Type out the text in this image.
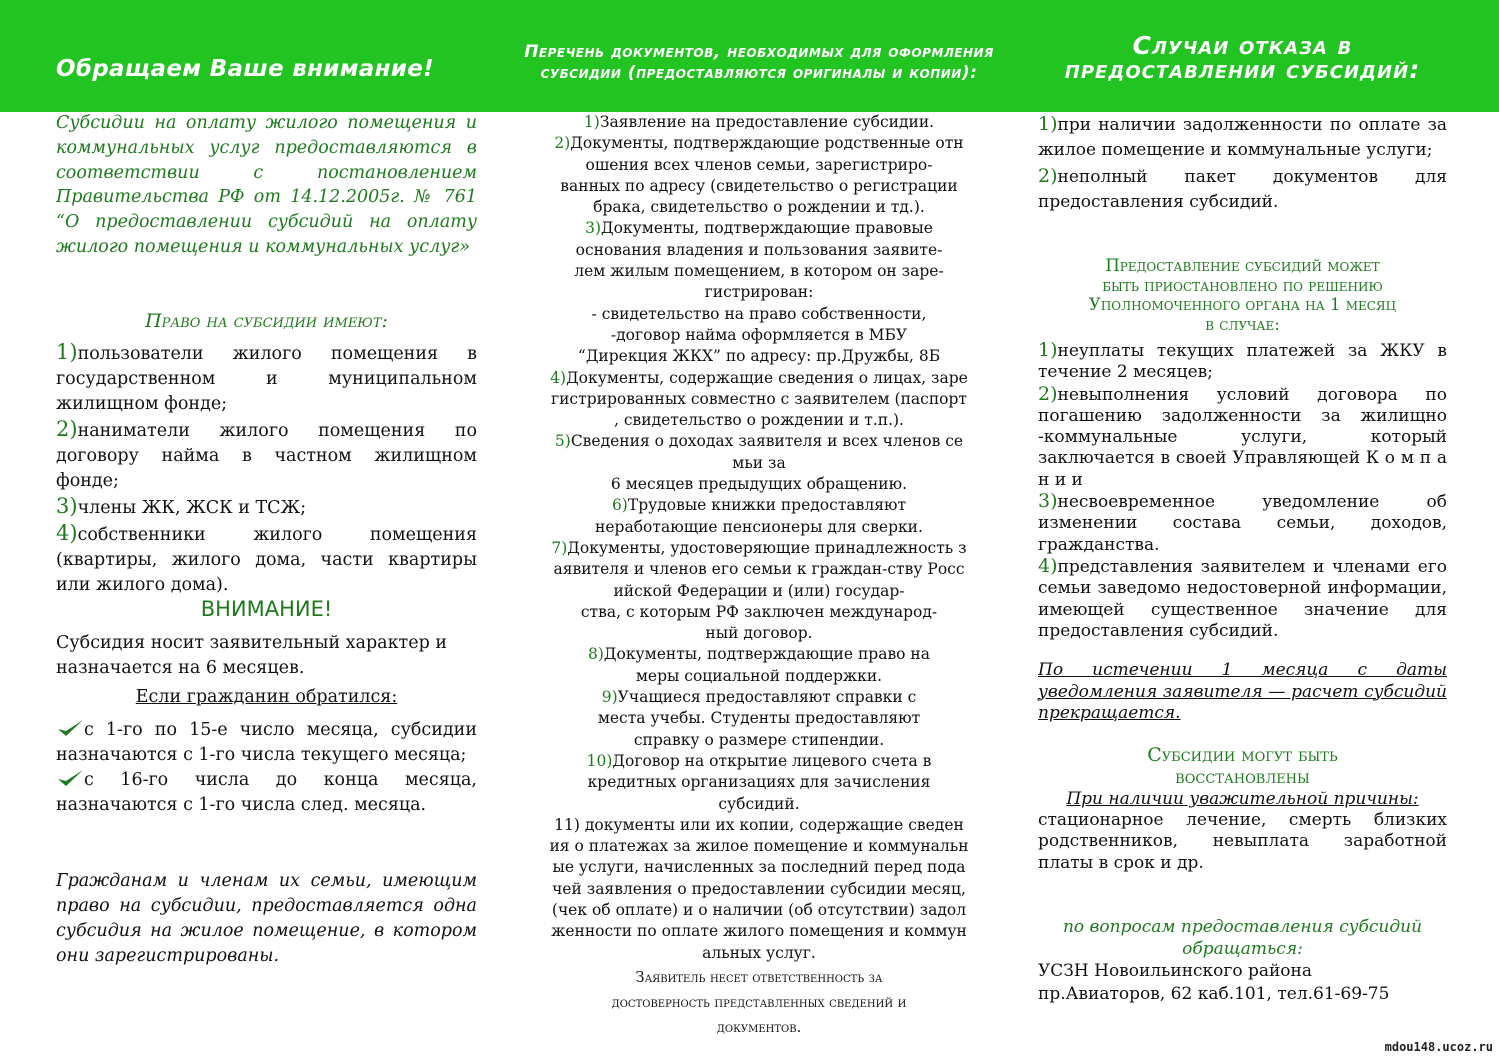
Обращаем Ваше внимание!
Перечень документов, необходимых для оформления субсидии (предоставляются оригиналы и копии):
Случаи отказа в предоставлении субсидий:
Субсидии на оплату жилого помещения и коммунальных услуг предоставляются в соответствии с постановлением Правительства РФ от 14.12.2005г. № 761 “О предоставлении субсидий на оплату жилого помещения и коммунальных услуг»
Право на субсидии имеют:

1)пользователи жилого помещения в государственном и муниципальном жилищном фонде;

2)наниматели жилого помещения по договору найма в частном жилищном фонде;

3)члены ЖК, ЖСК и ТСЖ;

4)собственники жилого помещения (квартиры, жилого дома, части квартиры или жилого дома).

ВНИМАНИЕ!
Субсидия носит заявительный характер и назначается на 6 месяцев.
Если гражданин обратился:

с 1-го по 15-е число месяца, субсидии назначаются с 1-го числа текущего месяца;

с 16-го числа до конца месяца, назначаются с 1-го числа след. месяца.

Гражданам и членам их семьи, имеющим право на субсидии, предоставляется одна субсидия на жилое помещение, в котором они зарегистрированы.

1)Заявление на предоставление субсидии.

2)Документы, подтверждающие родственные отн

ошения всех членов семьи, зарегистриро-

ванных по адресу (свидетельство о регистрации

брака, свидетельство о рождении и тд.).

3)Документы, подтверждающие правовые

основания владения и пользования заявите-

лем жилым помещением, в котором он заре-

гистрирован:

- свидетельство на право собственности,

-договор найма оформляется в МБУ

“Дирекция ЖКХ” по адресу: пр.Дружбы, 8Б

4)Документы, содержащие сведения о лицах, заре

гистрированных совместно с заявителем (паспорт

, свидетельство о рождении и т.п.).

5)Сведения о доходах заявителя и всех членов се

мьи за

6 месяцев предыдущих обращению.

6)Трудовые книжки предоставляют

неработающие пенсионеры для сверки.

7)Документы, удостоверяющие принадлежность з

аявителя и членов его семьи к граждан-ству Росс

ийской Федерации и (или) государ-

ства, с которым РФ заключен международ-

ный договор.

8)Документы, подтверждающие право на

меры социальной поддержки.

9)Учащиеся предоставляют справки с

места учебы. Студенты предоставляют

справку о размере стипендии.

10)Договор на открытие лицевого счета в

кредитных организациях для зачисления

субсидий.

11) документы или их копии, содержащие сведен

ия о платежах за жилое помещение и коммунальн

ые услуги, начисленных за последний перед пода

чей заявления о предоставлении субсидии месяц,

(чек об оплате) и о наличии (об отсутствии) задол

женности по оплате жилого помещения и коммун

альных услуг.

Заявитель несет ответственность за

достоверность представленных сведений и

документов.

1)при наличии задолженности по оплате за жилое помещение и коммунальные услуги;

2)неполный пакет документов для предоставления субсидий.

Предоставление субсидий может

быть приостановлено по решению

Уполномоченного органа на 1 месяц

в случае:

1)неуплаты текущих платежей за ЖКУ в течение 2 месяцев;

2)невыполнения условий договора по погашению задолженности за жилищно -коммунальные услуги, который заключается в своей Управляющей К о м п а н и и

3)несвоевременное уведомление об изменении состава семьи, доходов, гражданства.

4)представления заявителем и членами его семьи заведомо недостоверной информации, имеющей существенное значение для предоставления субсидий.

По истечении 1 месяца с даты уведомления заявителя — расчет субсидий прекращается.

Субсидии могут быть

восстановлены

При наличии уважительной причины:

стационарное лечение, смерть близких родственников, невыплата заработной платы в срок и др.

по вопросам предоставления субсидий

обращаться:

УСЗН Новоильинского района

пр.Авиаторов, 62 каб.101, тел.61-69-75

mdou148.ucoz.ru
